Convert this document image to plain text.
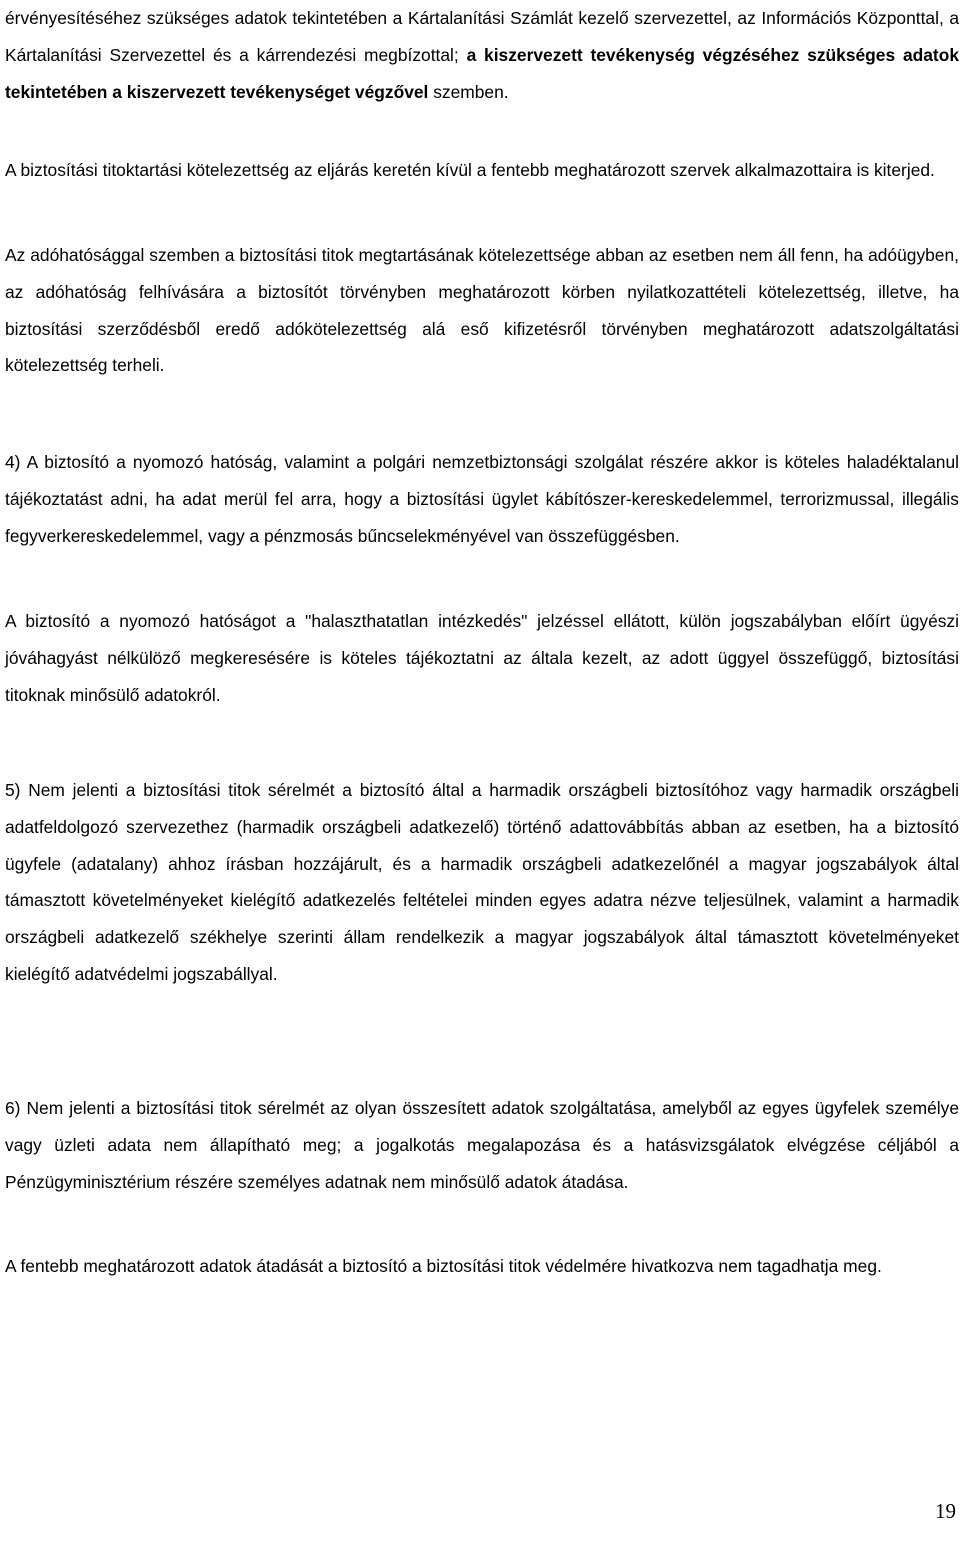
érvényesítéséhez szükséges adatok tekintetében a Kártalanítási Számlát kezelő szervezettel, az Információs Központtal, a Kártalanítási Szervezettel és a kárrendezési megbízottal; a kiszervezett tevékenység végzéséhez szükséges adatok tekintetében a kiszervezett tevékenységet végzővel szemben.

A biztosítási titoktartási kötelezettség az eljárás keretén kívül a fentebb meghatározott szervek alkalmazottaira is kiterjed.

Az adóhatósággal szemben a biztosítási titok megtartásának kötelezettsége abban az esetben nem áll fenn, ha adóügyben, az adóhatóság felhívására a biztosítót törvényben meghatározott körben nyilatkozattételi kötelezettség, illetve, ha biztosítási szerződésből eredő adókötelezettség alá eső kifizetésről törvényben meghatározott adatszolgáltatási kötelezettség terheli.

4) A biztosító a nyomozó hatóság, valamint a polgári nemzetbiztonsági szolgálat részére akkor is köteles haladéktalanul tájékoztatást adni, ha adat merül fel arra, hogy a biztosítási ügylet kábítószer-kereskedelemmel, terrorizmussal, illegális fegyverkereskedelemmel, vagy a pénzmosás bűncselekményével van összefüggésben.

A biztosító a nyomozó hatóságot a "halaszthatatlan intézkedés" jelzéssel ellátott, külön jogszabályban előírt ügyészi jóváhagyást nélkülöző megkeresésére is köteles tájékoztatni az általa kezelt, az adott üggyel összefüggő, biztosítási titoknak minősülő adatokról.

5) Nem jelenti a biztosítási titok sérelmét a biztosító által a harmadik országbeli biztosítóhoz vagy harmadik országbeli adatfeldolgozó szervezethez (harmadik országbeli adatkezelő) történő adattovábbítás abban az esetben, ha a biztosító ügyfele (adatalany) ahhoz írásban hozzájárult, és a harmadik országbeli adatkezelőnél a magyar jogszabályok által támasztott követelményeket kielégítő adatkezelés feltételei minden egyes adatra nézve teljesülnek, valamint a harmadik országbeli adatkezelő székhelye szerinti állam rendelkezik a magyar jogszabályok által támasztott követelményeket kielégítő adatvédelmi jogszabállyal.

6) Nem jelenti a biztosítási titok sérelmét az olyan összesített adatok szolgáltatása, amelyből az egyes ügyfelek személye vagy üzleti adata nem állapítható meg; a jogalkotás megalapozása és a hatásvizsgálatok elvégzése céljából a Pénzügyminisztérium részére személyes adatnak nem minősülő adatok átadása.

A fentebb meghatározott adatok átadását a biztosító a biztosítási titok védelmére hivatkozva nem tagadhatja meg.

19
